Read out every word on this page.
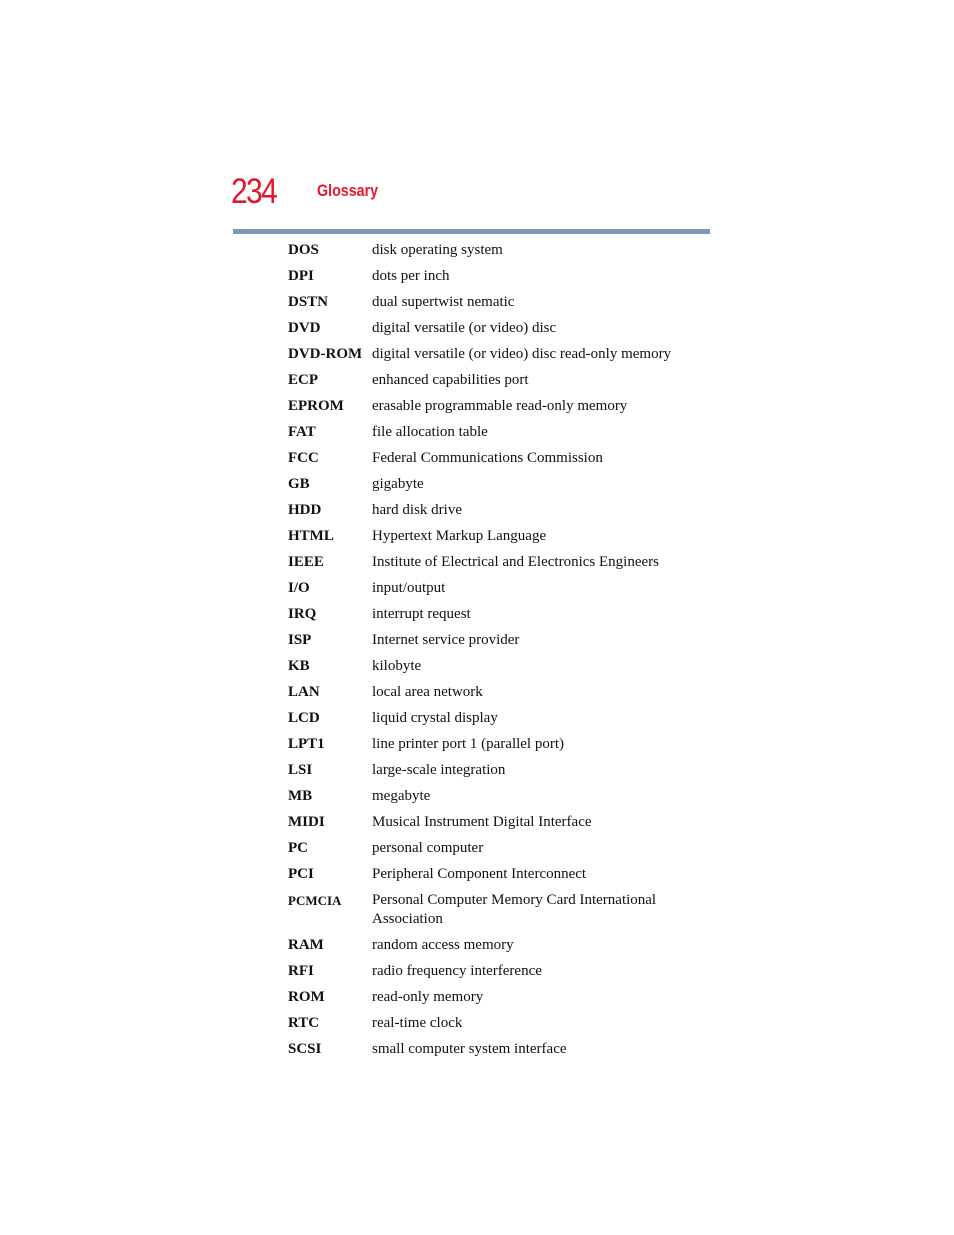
234 Glossary
DOS	disk operating system
DPI	dots per inch
DSTN	dual supertwist nematic
DVD	digital versatile (or video) disc
DVD-ROM digital versatile (or video) disc read-only memory
ECP	enhanced capabilities port
EPROM	erasable programmable read-only memory
FAT	file allocation table
FCC	Federal Communications Commission
GB	gigabyte
HDD	hard disk drive
HTML	Hypertext Markup Language
IEEE	Institute of Electrical and Electronics Engineers
I/O	input/output
IRQ	interrupt request
ISP	Internet service provider
KB	kilobyte
LAN	local area network
LCD	liquid crystal display
LPT1	line printer port 1 (parallel port)
LSI	large-scale integration
MB	megabyte
MIDI	Musical Instrument Digital Interface
PC	personal computer
PCI	Peripheral Component Interconnect
PCMCIA	Personal Computer Memory Card International Association
RAM	random access memory
RFI	radio frequency interference
ROM	read-only memory
RTC	real-time clock
SCSI	small computer system interface
